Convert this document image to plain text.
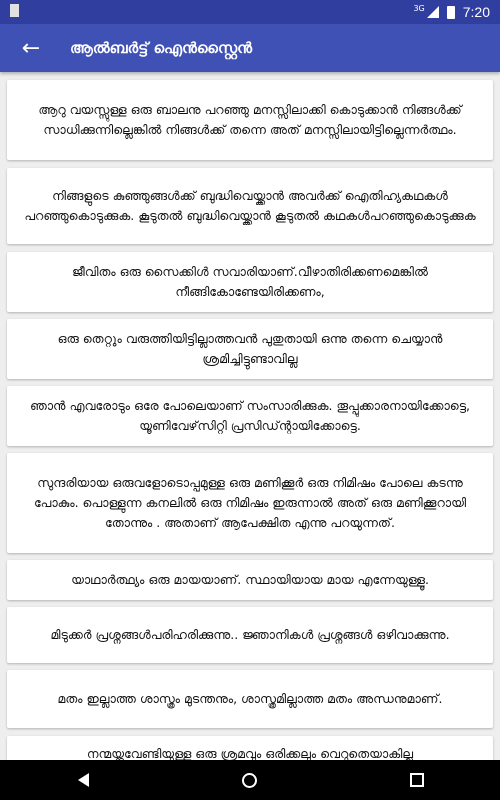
3G	7:20
←	ആൽബർട്ട് ഐൻസ്റ്റൈൻ
ആറു വയസ്സുള്ള ഒരു ബാലനു പറഞ്ഞു മനസ്സിലാക്കി കൊടുക്കാൻ നിങ്ങൾക്ക് സാധിക്കുന്നില്ലെങ്കിൽ നിങ്ങൾക്ക് തന്നെ അത് മനസ്സിലായിട്ടില്ലെന്നർത്ഥം.
നിങ്ങളുടെ കുഞ്ഞുങ്ങൾക്ക് ബുദ്ധിവെയ്ക്കാൻ അവർക്ക് ഐതിഹ്യകഥകൾ പറഞ്ഞുകൊടുക്കുക. കൂടുതൽ ബുദ്ധിവെയ്ക്കാൻ കൂടുതൽ കഥകൾപറഞ്ഞുകൊടുക്കുക
ജീവിതം ഒരു സൈക്കിൾ സവാരിയാണ്.വീഴാതിരിക്കണമെങ്കിൽ നീങ്ങികോണ്ടേയിരിക്കണം,
ഒരു തെറ്റും വരുത്തിയിട്ടില്ലാത്തവൻ പുതുതായി ഒന്നു തന്നെ ചെയ്യാൻ ശ്രമിച്ചിട്ടുണ്ടാവില്ല
ഞാൻ എവരോടും ഒരേ പോലെയാണ് സംസാരിക്കുക. തൂപ്പുക്കാരനായിക്കോട്ടെ, യൂണിവേഴ്‌സിറ്റി പ്രസിഡ്ന്റായിക്കോട്ടെ.
സുന്ദരിയായ ഒരുവളോടൊപ്പമുള്ള ഒരു മണിക്കൂർ ഒരു നിമിഷം പോലെ കടന്നു പോകും. പൊള്ളുന്ന കനലിൽ ഒരു നിമിഷം ഇരുന്നാൽ അത് ഒരു മണിക്കൂറായി തോന്നും . അതാണ് ആപേക്ഷിത എന്നു പറയുന്നത്.
യാഥാർത്ഥ്യം ഒരു മായയാണ്. സ്ഥായിയായ മായ എന്നേയുള്ളൂ.
മിടുക്കർ പ്രശ്നങ്ങൾപരിഹരിക്കുന്നു.. ജ്ഞാനികൾ പ്രശ്നങ്ങൾ ഒഴിവാക്കുന്നു.
മതം ഇല്ലാത്ത ശാസ്ത്രം മുടന്തനും, ശാസ്ത്രമില്ലാത്ത മതം അന്ധനുമാണ്.
നന്മയ്ക്കുവേണ്ടിയുള്ള ഒരു ശ്രമവും ഒരിക്കലും വെറുതെയാകില്ല
